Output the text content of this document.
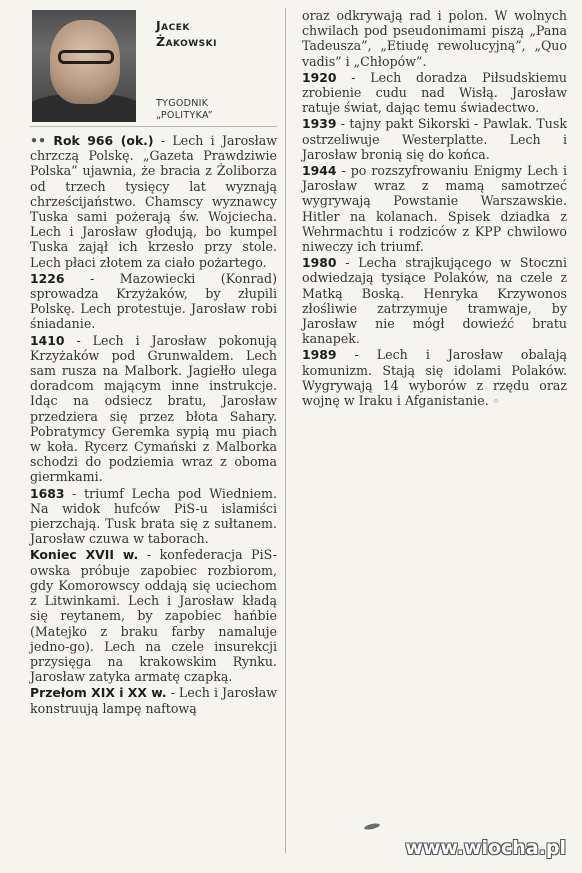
Jacek
Żakowski
TYGODNIK
„POLITYKA”

•• Rok 966 (ok.) - Lech i Jarosław chrzczą Polskę. „Gazeta Prawdziwie Polska” ujawnia, że bracia z Żoliborza od trzech tysięcy lat wyznają chrześcijaństwo. Chamscy wyznawcy Tuska sami pożerają św. Wojciecha. Lech i Jarosław głodują, bo kumpel Tuska zajął ich krzesło przy stole. Lech płaci złotem za ciało pożartego.

1226 - Mazowiecki (Konrad) sprowadza Krzyżaków, by złupili Polskę. Lech protestuje. Jarosław robi śniadanie.

1410 - Lech i Jarosław pokonują Krzyżaków pod Grunwaldem. Lech sam rusza na Malbork. Jagiełło ulega doradcom mającym inne instrukcje. Idąc na odsiecz bratu, Jarosław przedziera się przez błota Sahary. Pobratymcy Geremka sypią mu piach w koła. Rycerz Cymański z Malborka schodzi do podziemia wraz z oboma giermkami.

1683 - triumf Lecha pod Wiedniem. Na widok hufców PiS-u islamiści pierzchają. Tusk brata się z sułtanem. Jarosław czuwa w taborach.

Koniec XVII w. - konfederacja PiS-owska próbuje zapobiec rozbiorom, gdy Komorowscy oddają się uciechom z Litwinkami. Lech i Jarosław kładą się reytanem, by zapobiec hańbie (Matejko z braku farby namaluje jedno-go). Lech na czele insurekcji przysięga na krakowskim Rynku. Jarosław zatyka armatę czapką.

Przełom XIX i XX w. - Lech i Jarosław konstruują lampę naftową

oraz odkrywają rad i polon. W wolnych chwilach pod pseudonimami piszą „Pana Tadeusza”, „Etiudę rewolucyjną”, „Quo vadis” i „Chłopów”.

1920 - Lech doradza Piłsudskiemu zrobienie cudu nad Wisłą. Jarosław ratuje świat, dając temu świadectwo.

1939 - tajny pakt Sikorski - Pawlak. Tusk ostrzeliwuje Westerplatte. Lech i Jarosław bronią się do końca.

1944 - po rozszyfrowaniu Enigmy Lech i Jarosław wraz z mamą samotrzeć wygrywają Powstanie Warszawskie. Hitler na kolanach. Spisek dziadka z Wehrmachtu i rodziców z KPP chwilowo niweczy ich triumf.

1980 - Lecha strajkującego w Stoczni odwiedzają tysiące Polaków, na czele z Matką Boską. Henryka Krzywonos złośliwie zatrzymuje tramwaje, by Jarosław nie mógł dowieźć bratu kanapek.

1989 - Lech i Jarosław obalają komunizm. Stają się idolami Polaków. Wygrywają 14 wyborów z rzędu oraz wojnę w Iraku i Afganistanie. ◦

www.wiocha.pl
